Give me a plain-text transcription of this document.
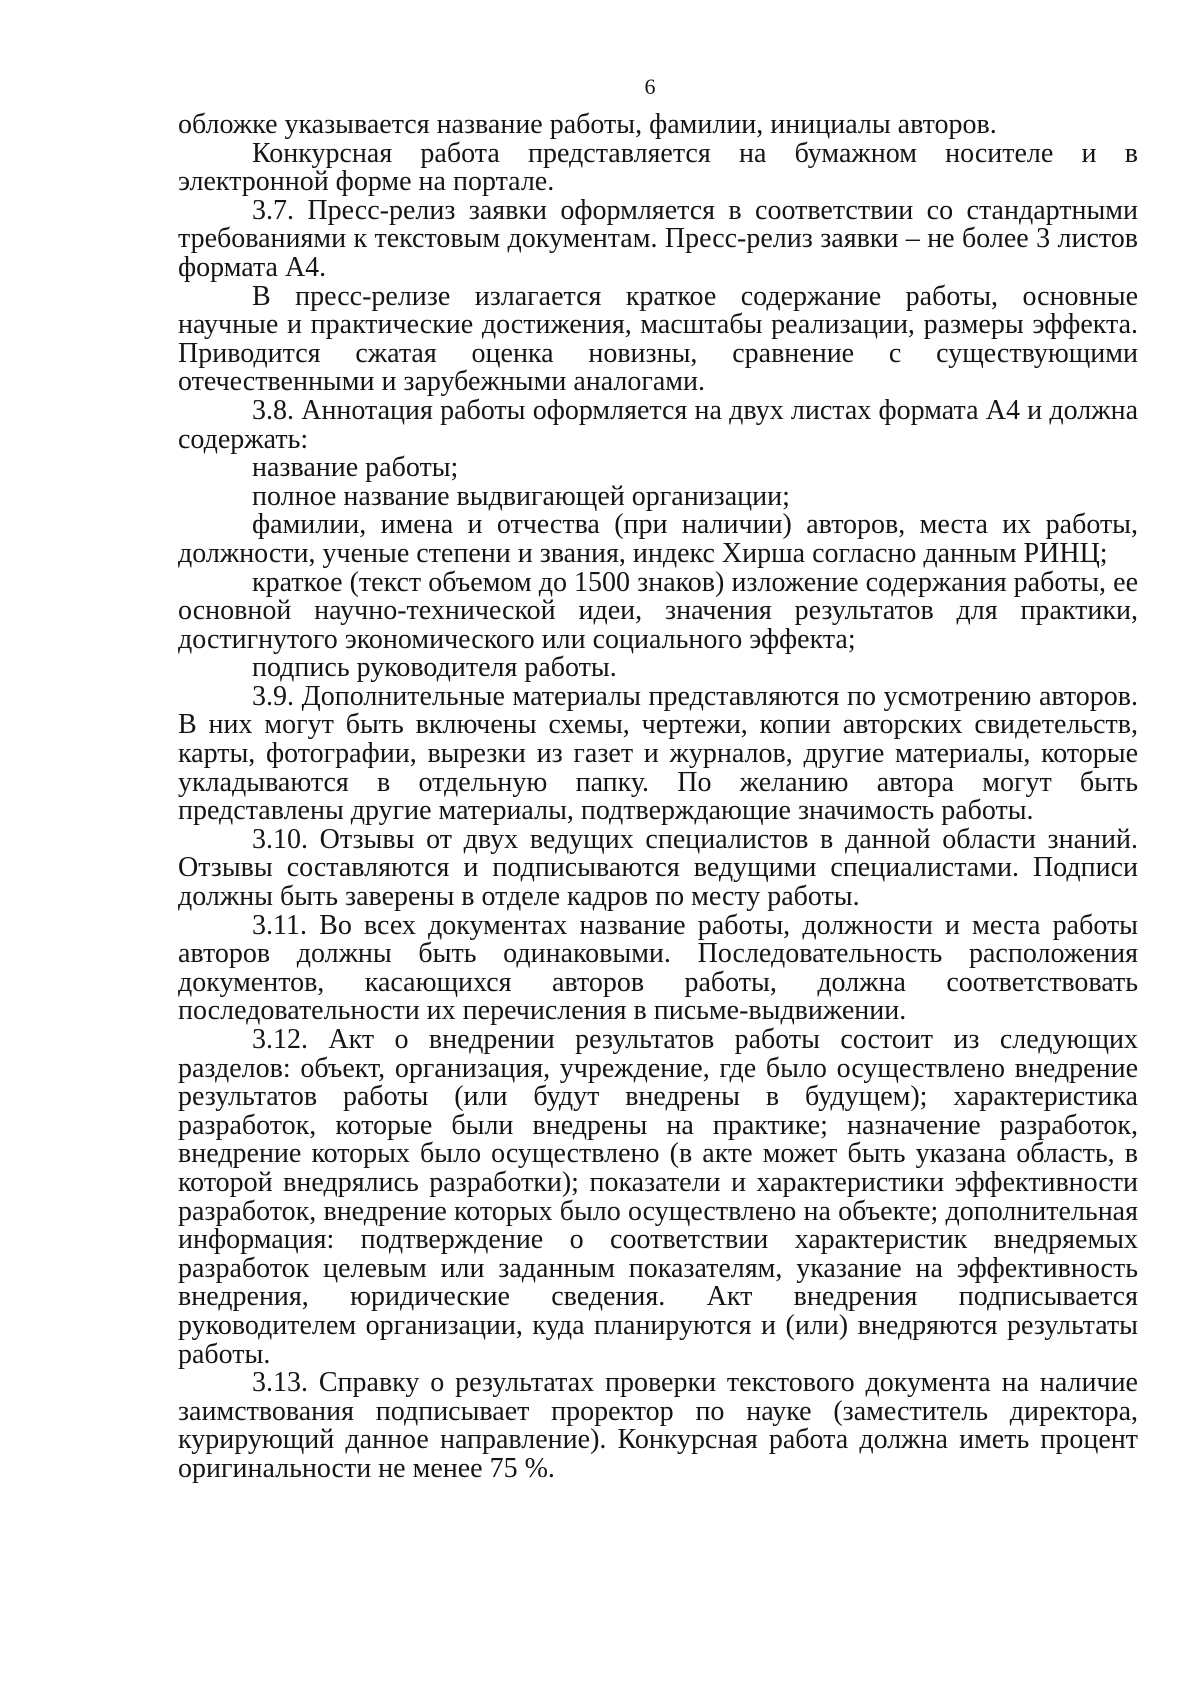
6

обложке указывается название работы, фамилии, инициалы авторов.

Конкурсная работа представляется на бумажном носителе и в электронной форме на портале.

3.7. Пресс-релиз заявки оформляется в соответствии со стандартными требованиями к текстовым документам. Пресс-релиз заявки – не более 3 листов формата А4.

В пресс-релизе излагается краткое содержание работы, основные научные и практические достижения, масштабы реализации, размеры эффекта. Приводится сжатая оценка новизны, сравнение с существующими отечественными и зарубежными аналогами.

3.8. Аннотация работы оформляется на двух листах формата А4 и должна содержать:

название работы;

полное название выдвигающей организации;

фамилии, имена и отчества (при наличии) авторов, места их работы, должности, ученые степени и звания, индекс Хирша согласно данным РИНЦ;

краткое (текст объемом до 1500 знаков) изложение содержания работы, ее основной научно-технической идеи, значения результатов для практики, достигнутого экономического или социального эффекта;

подпись руководителя работы.

3.9. Дополнительные материалы представляются по усмотрению авторов. В них могут быть включены схемы, чертежи, копии авторских свидетельств, карты, фотографии, вырезки из газет и журналов, другие материалы, которые укладываются в отдельную папку. По желанию автора могут быть представлены другие материалы, подтверждающие значимость работы.

3.10. Отзывы от двух ведущих специалистов в данной области знаний. Отзывы составляются и подписываются ведущими специалистами. Подписи должны быть заверены в отделе кадров по месту работы.

3.11. Во всех документах название работы, должности и места работы авторов должны быть одинаковыми. Последовательность расположения документов, касающихся авторов работы, должна соответствовать последовательности их перечисления в письме-выдвижении.

3.12. Акт о внедрении результатов работы состоит из следующих разделов: объект, организация, учреждение, где было осуществлено внедрение результатов работы (или будут внедрены в будущем); характеристика разработок, которые были внедрены на практике; назначение разработок, внедрение которых было осуществлено (в акте может быть указана область, в которой внедрялись разработки); показатели и характеристики эффективности разработок, внедрение которых было осуществлено на объекте; дополнительная информация: подтверждение о соответствии характеристик внедряемых разработок целевым или заданным показателям, указание на эффективность внедрения, юридические сведения. Акт внедрения подписывается руководителем организации, куда планируются и (или) внедряются результаты работы.

3.13. Справку о результатах проверки текстового документа на наличие заимствования подписывает проректор по науке (заместитель директора, курирующий данное направление). Конкурсная работа должна иметь процент оригинальности не менее 75 %.
